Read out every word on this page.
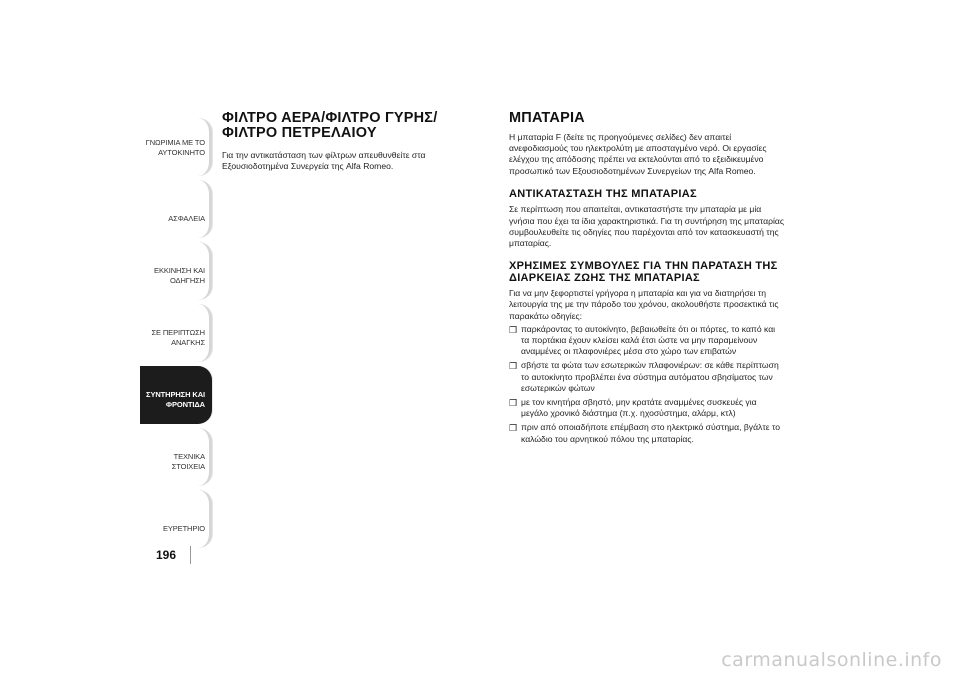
ΓΝΩΡΙΜΙΑ ΜΕ ΤΟ ΑΥΤΟΚΙΝΗΤΟ
ΑΣΦΑΛΕΙΑ
ΕΚΚΙΝΗΣΗ ΚΑΙ ΟΔΗΓΗΣΗ
ΣΕ ΠΕΡΙΠΤΩΣΗ ΑΝΑΓΚΗΣ
ΣΥΝΤΗΡΗΣΗ ΚΑΙ ΦΡΟΝΤΙΔΑ
ΤΕΧΝΙΚΑ ΣΤΟΙΧΕΙΑ
ΕΥΡΕΤΗΡΙΟ
196
ΦΙΛΤΡΟ ΑΕΡΑ/ΦΙΛΤΡΟ ΓΥΡΗΣ/ΦΙΛΤΡΟ ΠΕΤΡΕΛΑΙΟΥ

Για την αντικατάσταση των φίλτρων απευθυνθείτε στα Εξουσιοδοτημένα Συνεργεία της Alfa Romeo.

ΜΠΑΤΑΡΙΑ

Η μπαταρία F (δείτε τις προηγούμενες σελίδες) δεν απαιτεί ανεφοδιασμούς του ηλεκτρολύτη με αποσταγμένο νερό. Οι εργασίες ελέγχου της απόδοσης πρέπει να εκτελούνται από το εξειδικευμένο προσωπικό των Εξουσιοδοτημένων Συνεργείων της Alfa Romeo.

ΑΝΤΙΚΑΤΑΣΤΑΣΗ ΤΗΣ ΜΠΑΤΑΡΙΑΣ

Σε περίπτωση που απαιτείται, αντικαταστήστε την μπαταρία με μία γνήσια που έχει τα ίδια χαρακτηριστικά. Για τη συντήρηση της μπαταρίας συμβουλευθείτε τις οδηγίες που παρέχονται από τον κατασκευαστή της μπαταρίας.

ΧΡΗΣΙΜΕΣ ΣΥΜΒΟΥΛΕΣ ΓΙΑ ΤΗΝ ΠΑΡΑΤΑΣΗ ΤΗΣ ΔΙΑΡΚΕΙΑΣ ΖΩΗΣ ΤΗΣ ΜΠΑΤΑΡΙΑΣ

Για να μην ξεφορτιστεί γρήγορα η μπαταρία και για να διατηρήσει τη λειτουργία της με την πάροδο του χρόνου, ακολουθήστε προσεκτικά τις παρακάτω οδηγίες:

❒ παρκάροντας το αυτοκίνητο, βεβαιωθείτε ότι οι πόρτες, το καπό και τα πορτάκια έχουν κλείσει καλά έτσι ώστε να μην παραμείνουν αναμμένες οι πλαφονιέρες μέσα στο χώρο των επιβατών
❒ σβήστε τα φώτα των εσωτερικών πλαφονιέρων: σε κάθε περίπτωση το αυτοκίνητο προβλέπει ένα σύστημα αυτόματου σβησίματος των εσωτερικών φώτων
❒ με τον κινητήρα σβηστό, μην κρατάτε αναμμένες συσκευές για μεγάλο χρονικό διάστημα (π.χ. ηχοσύστημα, αλάρμ, κτλ)
❒ πριν από οποιαδήποτε επέμβαση στο ηλεκτρικό σύστημα, βγάλτε το καλώδιο του αρνητικού πόλου της μπαταρίας.
carmanualsonline.info
